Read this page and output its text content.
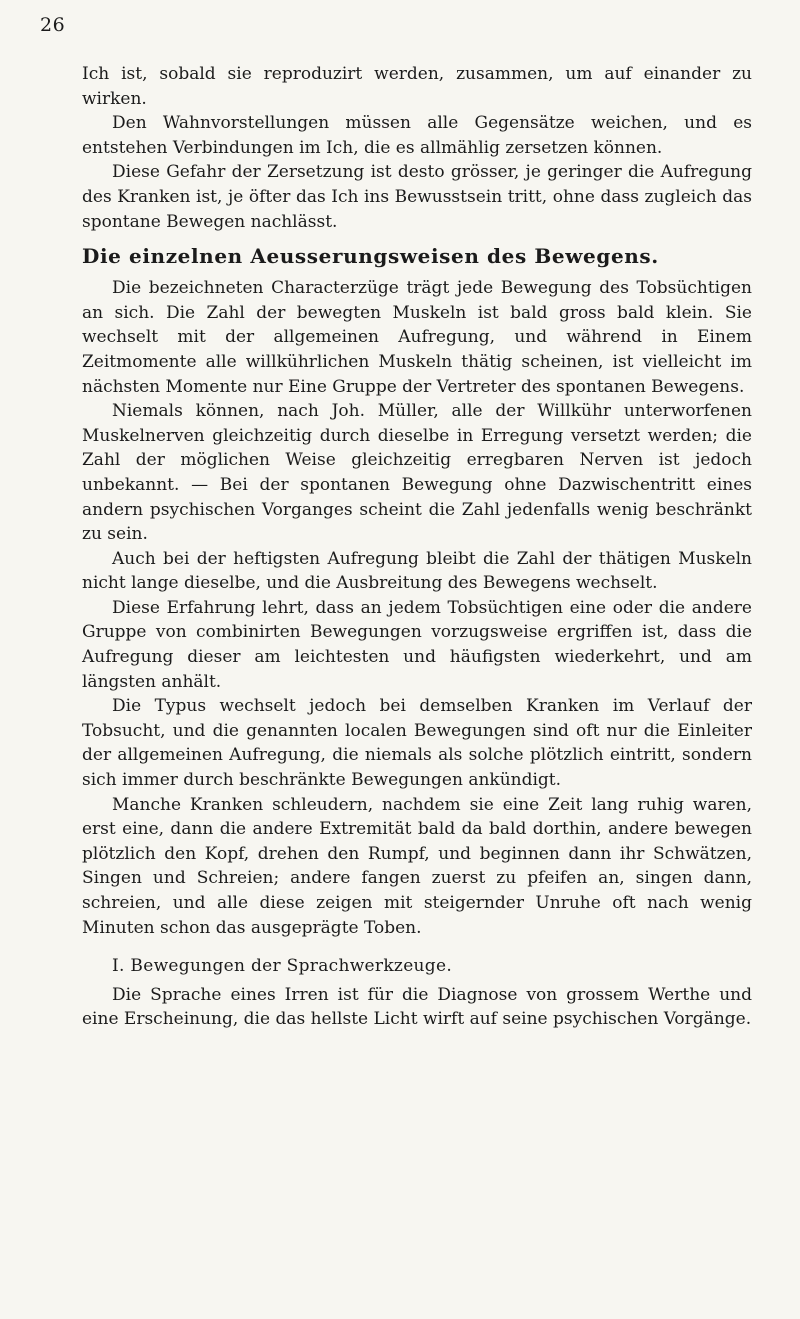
26

Ich ist, sobald sie reproduzirt werden, zusammen, um auf einander zu wirken.

Den Wahnvorstellungen müssen alle Gegensätze weichen, und es entstehen Verbindungen im Ich, die es allmählig zersetzen können.

Diese Gefahr der Zersetzung ist desto grösser, je geringer die Aufregung des Kranken ist, je öfter das Ich ins Bewusstsein tritt, ohne dass zugleich das spontane Bewegen nachlässt.

Die einzelnen Aeusserungsweisen des Bewegens.

Die bezeichneten Characterzüge trägt jede Bewegung des Tobsüchtigen an sich. Die Zahl der bewegten Muskeln ist bald gross bald klein. Sie wechselt mit der allgemeinen Aufregung, und während in Einem Zeitmomente alle willkührlichen Muskeln thätig scheinen, ist vielleicht im nächsten Momente nur Eine Gruppe der Vertreter des spontanen Bewegens.

Niemals können, nach Joh. Müller, alle der Willkühr unterworfenen Muskelnerven gleichzeitig durch dieselbe in Erregung versetzt werden; die Zahl der möglichen Weise gleichzeitig erregbaren Nerven ist jedoch unbekannt. — Bei der spontanen Bewegung ohne Dazwischentritt eines andern psychischen Vorganges scheint die Zahl jedenfalls wenig beschränkt zu sein.

Auch bei der heftigsten Aufregung bleibt die Zahl der thätigen Muskeln nicht lange dieselbe, und die Ausbreitung des Bewegens wechselt.

Diese Erfahrung lehrt, dass an jedem Tobsüchtigen eine oder die andere Gruppe von combinirten Bewegungen vorzugsweise ergriffen ist, dass die Aufregung dieser am leichtesten und häufigsten wiederkehrt, und am längsten anhält.

Die Typus wechselt jedoch bei demselben Kranken im Verlauf der Tobsucht, und die genannten localen Bewegungen sind oft nur die Einleiter der allgemeinen Aufregung, die niemals als solche plötzlich eintritt, sondern sich immer durch beschränkte Bewegungen ankündigt.

Manche Kranken schleudern, nachdem sie eine Zeit lang ruhig waren, erst eine, dann die andere Extremität bald da bald dorthin, andere bewegen plötzlich den Kopf, drehen den Rumpf, und beginnen dann ihr Schwätzen, Singen und Schreien; andere fangen zuerst zu pfeifen an, singen dann, schreien, und alle diese zeigen mit steigernder Unruhe oft nach wenig Minuten schon das ausgeprägte Toben.

I. Bewegungen der Sprachwerkzeuge.

Die Sprache eines Irren ist für die Diagnose von grossem Werthe und eine Erscheinung, die das hellste Licht wirft auf seine psychischen Vorgänge.
